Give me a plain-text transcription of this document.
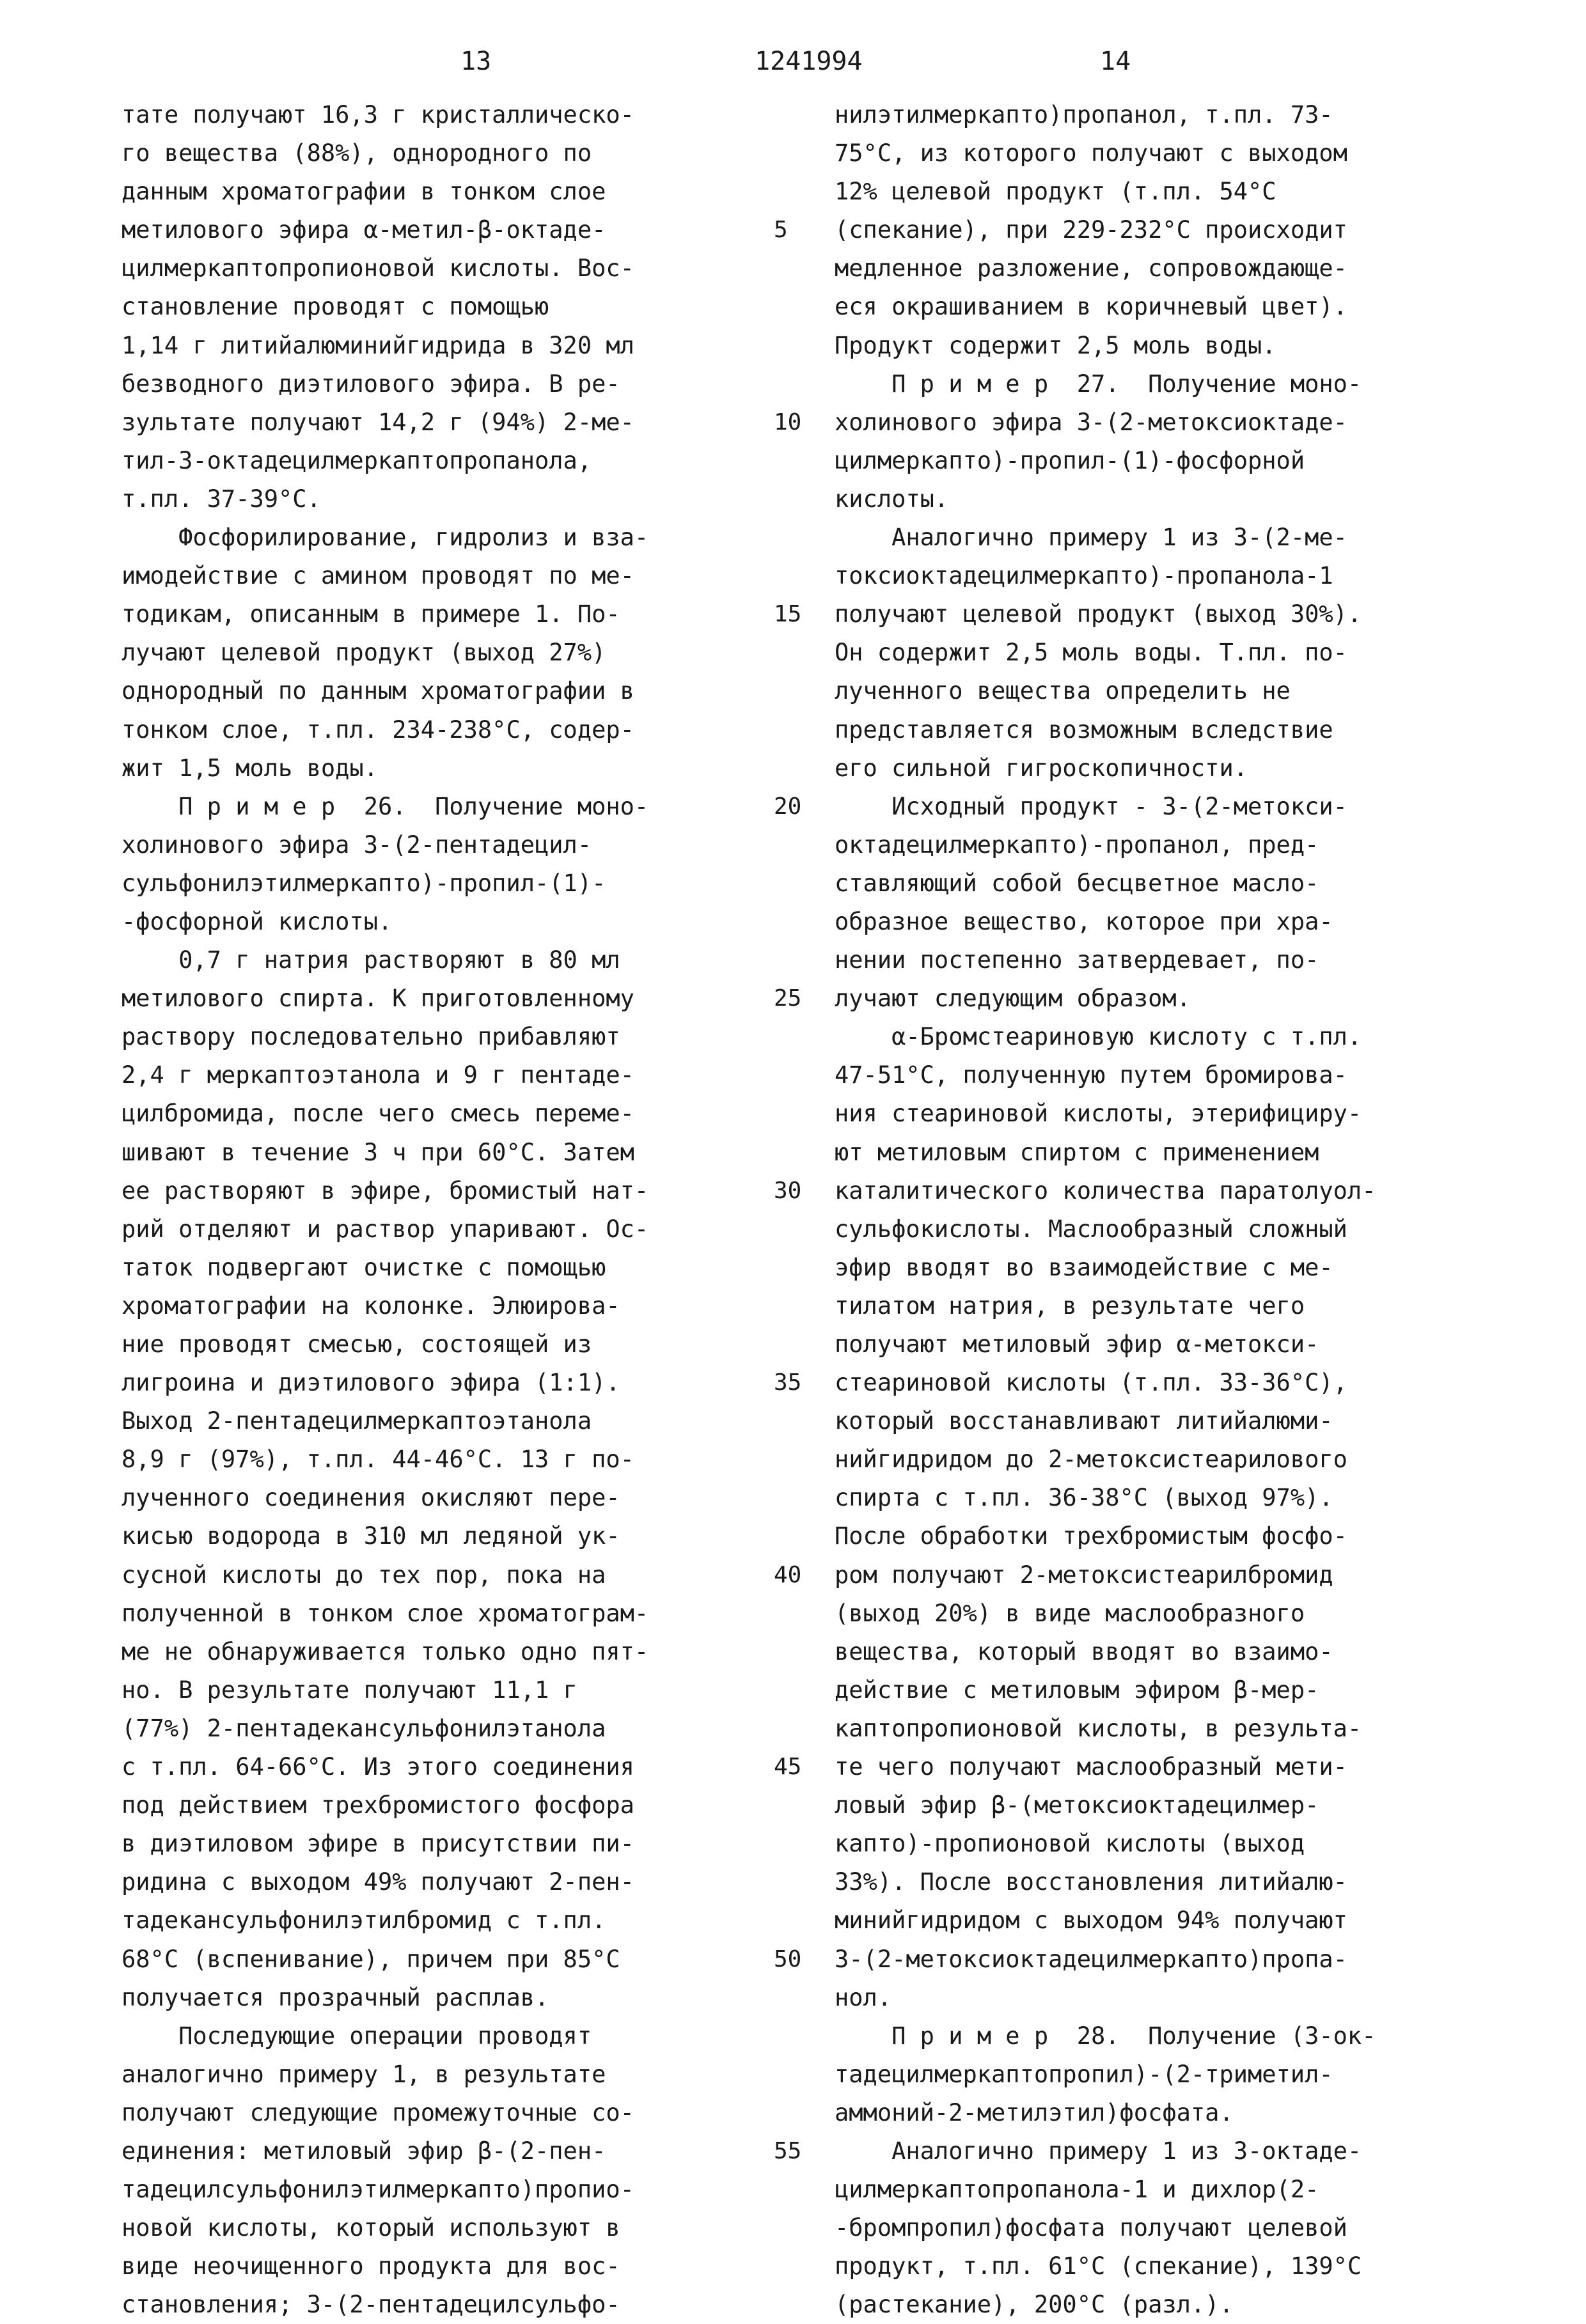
13	1241994	14
тате получают 16,3 г кристаллическо-
го вещества (88%), однородного по
данным хроматографии в тонком слое
метилового эфира α-метил-β-октаде-
цилмеркаптопропионовой кислоты. Вос-
становление проводят с помощью
1,14 г литийалюминийгидрида в 320 мл
безводного диэтилового эфира. В ре-
зультате получают 14,2 г (94%) 2-ме-
тил-3-октадецилмеркаптопропанола,
т.пл. 37-39°С.
Фосфорилирование, гидролиз и вза-
имодействие с амином проводят по ме-
тодикам, описанным в примере 1. По-
лучают целевой продукт (выход 27%)
однородный по данным хроматографии в
тонком слое, т.пл. 234-238°С, содер-
жит 1,5 моль воды.
П р и м е р  26.  Получение моно-
холинового эфира 3-(2-пентадецил-
сульфонилэтилмеркапто)-пропил-(1)-
-фосфорной кислоты.
0,7 г натрия растворяют в 80 мл
метилового спирта. К приготовленному
раствору последовательно прибавляют
2,4 г меркаптоэтанола и 9 г пентаде-
цилбромида, после чего смесь переме-
шивают в течение 3 ч при 60°С. Затем
ее растворяют в эфире, бромистый нат-
рий отделяют и раствор упаривают. Ос-
таток подвергают очистке с помощью
хроматографии на колонке. Элюирова-
ние проводят смесью, состоящей из
лигроина и диэтилового эфира (1:1).
Выход 2-пентадецилмеркаптоэтанола
8,9 г (97%), т.пл. 44-46°С. 13 г по-
лученного соединения окисляют пере-
кисью водорода в 310 мл ледяной ук-
сусной кислоты до тех пор, пока на
полученной в тонком слое хроматограм-
ме не обнаруживается только одно пят-
но. В результате получают 11,1 г
(77%) 2-пентадекансульфонилэтанола
с т.пл. 64-66°С. Из этого соединения
под действием трехбромистого фосфора
в диэтиловом эфире в присутствии пи-
ридина с выходом 49% получают 2-пен-
тадекансульфонилэтилбромид с т.пл.
68°С (вспенивание), причем при 85°С
получается прозрачный расплав.
Последующие операции проводят
аналогично примеру 1, в результате
получают следующие промежуточные со-
единения: метиловый эфир β-(2-пен-
тадецилсульфонилэтилмеркапто)пропио-
новой кислоты, который используют в
виде неочищенного продукта для вос-
становления; 3-(2-пентадецилсульфо-
5
10
15
20
25
30
35
40
45
50
55
нилэтилмеркапто)пропанол, т.пл. 73-
75°С, из которого получают с выходом
12% целевой продукт (т.пл. 54°С
(спекание), при 229-232°С происходит
медленное разложение, сопровождающе-
еся окрашиванием в коричневый цвет).
Продукт содержит 2,5 моль воды.
П р и м е р  27.  Получение моно-
холинового эфира 3-(2-метоксиоктаде-
цилмеркапто)-пропил-(1)-фосфорной
кислоты.
Аналогично примеру 1 из 3-(2-ме-
токсиоктадецилмеркапто)-пропанола-1
получают целевой продукт (выход 30%).
Он содержит 2,5 моль воды. Т.пл. по-
лученного вещества определить не
представляется возможным вследствие
его сильной гигроскопичности.
Исходный продукт - 3-(2-метокси-
октадецилмеркапто)-пропанол, пред-
ставляющий собой бесцветное масло-
образное вещество, которое при хра-
нении постепенно затвердевает, по-
лучают следующим образом.
α-Бромстеариновую кислоту с т.пл.
47-51°С, полученную путем бромирова-
ния стеариновой кислоты, этерифициру-
ют метиловым спиртом с применением
каталитического количества паратолуол-
сульфокислоты. Маслообразный сложный
эфир вводят во взаимодействие с ме-
тилатом натрия, в результате чего
получают метиловый эфир α-метокси-
стеариновой кислоты (т.пл. 33-36°С),
который восстанавливают литийалюми-
нийгидридом до 2-метоксистеарилового
спирта с т.пл. 36-38°С (выход 97%).
После обработки трехбромистым фосфо-
ром получают 2-метоксистеарилбромид
(выход 20%) в виде маслообразного
вещества, который вводят во взаимо-
действие с метиловым эфиром β-мер-
каптопропионовой кислоты, в результа-
те чего получают маслообразный мети-
ловый эфир β-(метоксиоктадецилмер-
капто)-пропионовой кислоты (выход
33%). После восстановления литийалю-
минийгидридом с выходом 94% получают
3-(2-метоксиоктадецилмеркапто)пропа-
нол.
П р и м е р  28.  Получение (3-ок-
тадецилмеркаптопропил)-(2-триметил-
аммоний-2-метилэтил)фосфата.
Аналогично примеру 1 из 3-октаде-
цилмеркаптопропанола-1 и дихлор(2-
-бромпропил)фосфата получают целевой
продукт, т.пл. 61°С (спекание), 139°С
(растекание), 200°С (разл.).
